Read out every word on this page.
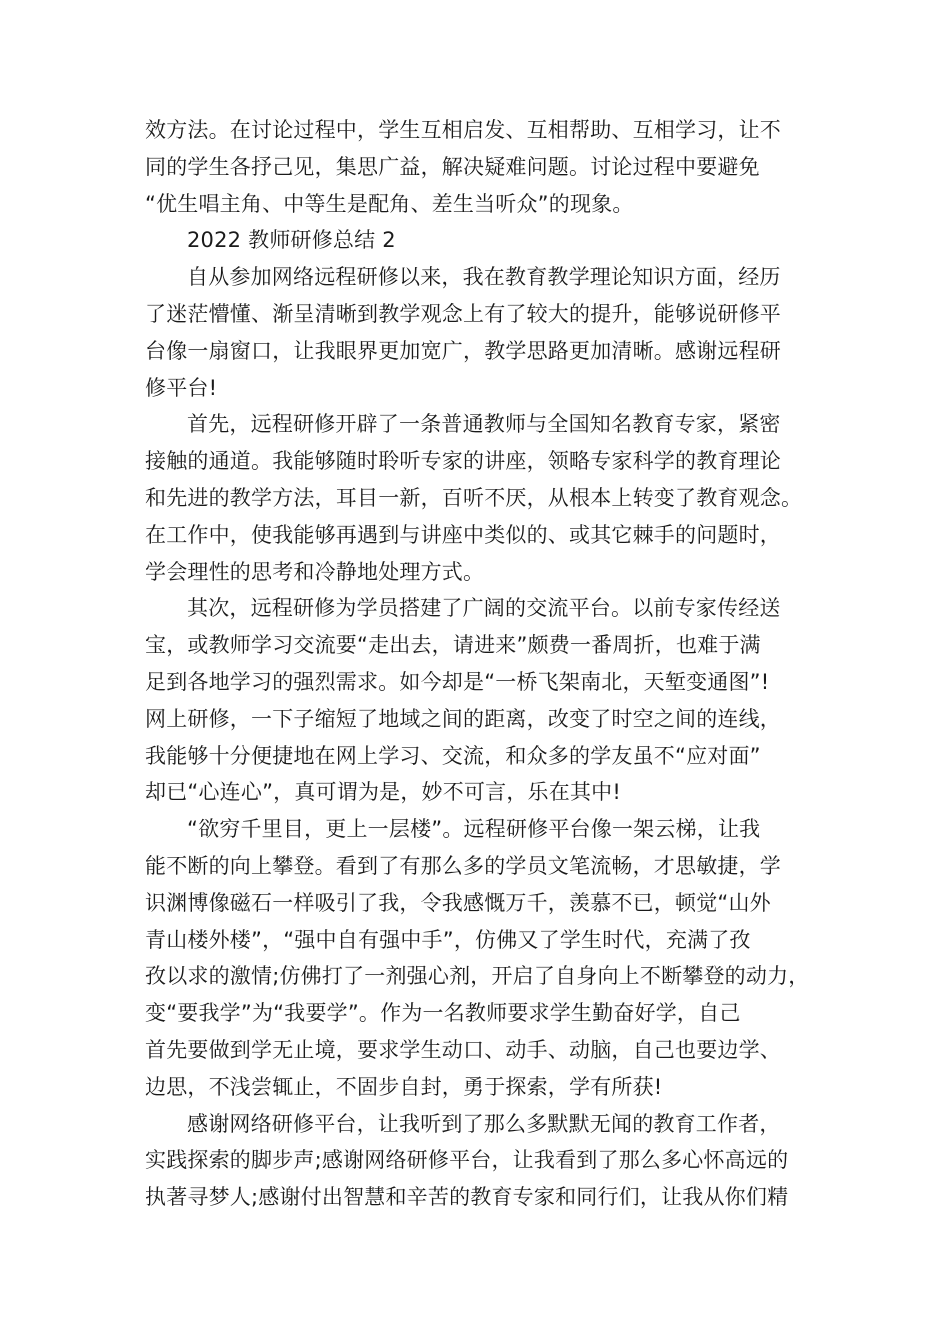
效方法。在讨论过程中，学生互相启发、互相帮助、互相学习，让不
同的学生各抒己见，集思广益，解决疑难问题。讨论过程中要避免
“优生唱主角、中等生是配角、差生当听众”的现象。
2022 教师研修总结 2
自从参加网络远程研修以来，我在教育教学理论知识方面，经历
了迷茫懵懂、渐呈清晰到教学观念上有了较大的提升，能够说研修平
台像一扇窗口，让我眼界更加宽广，教学思路更加清晰。感谢远程研
修平台!
首先，远程研修开辟了一条普通教师与全国知名教育专家，紧密
接触的通道。我能够随时聆听专家的讲座，领略专家科学的教育理论
和先进的教学方法，耳目一新，百听不厌，从根本上转变了教育观念。
在工作中，使我能够再遇到与讲座中类似的、或其它棘手的问题时，
学会理性的思考和冷静地处理方式。
其次，远程研修为学员搭建了广阔的交流平台。以前专家传经送
宝，或教师学习交流要“走出去，请进来”颇费一番周折，也难于满
足到各地学习的强烈需求。如今却是“一桥飞架南北，天堑变通图”!
网上研修，一下子缩短了地域之间的距离，改变了时空之间的连线，
我能够十分便捷地在网上学习、交流，和众多的学友虽不“应对面”
却已“心连心”，真可谓为是，妙不可言，乐在其中!
“欲穷千里目，更上一层楼”。远程研修平台像一架云梯，让我
能不断的向上攀登。看到了有那么多的学员文笔流畅，才思敏捷，学
识渊博像磁石一样吸引了我，令我感慨万千，羡慕不已，顿觉“山外
青山楼外楼”，“强中自有强中手”，仿佛又了学生时代，充满了孜
孜以求的激情;仿佛打了一剂强心剂，开启了自身向上不断攀登的动力，
变“要我学”为“我要学”。作为一名教师要求学生勤奋好学，自己
首先要做到学无止境，要求学生动口、动手、动脑，自己也要边学、
边思，不浅尝辄止，不固步自封，勇于探索，学有所获!
感谢网络研修平台，让我听到了那么多默默无闻的教育工作者，
实践探索的脚步声;感谢网络研修平台，让我看到了那么多心怀高远的
执著寻梦人;感谢付出智慧和辛苦的教育专家和同行们，让我从你们精
